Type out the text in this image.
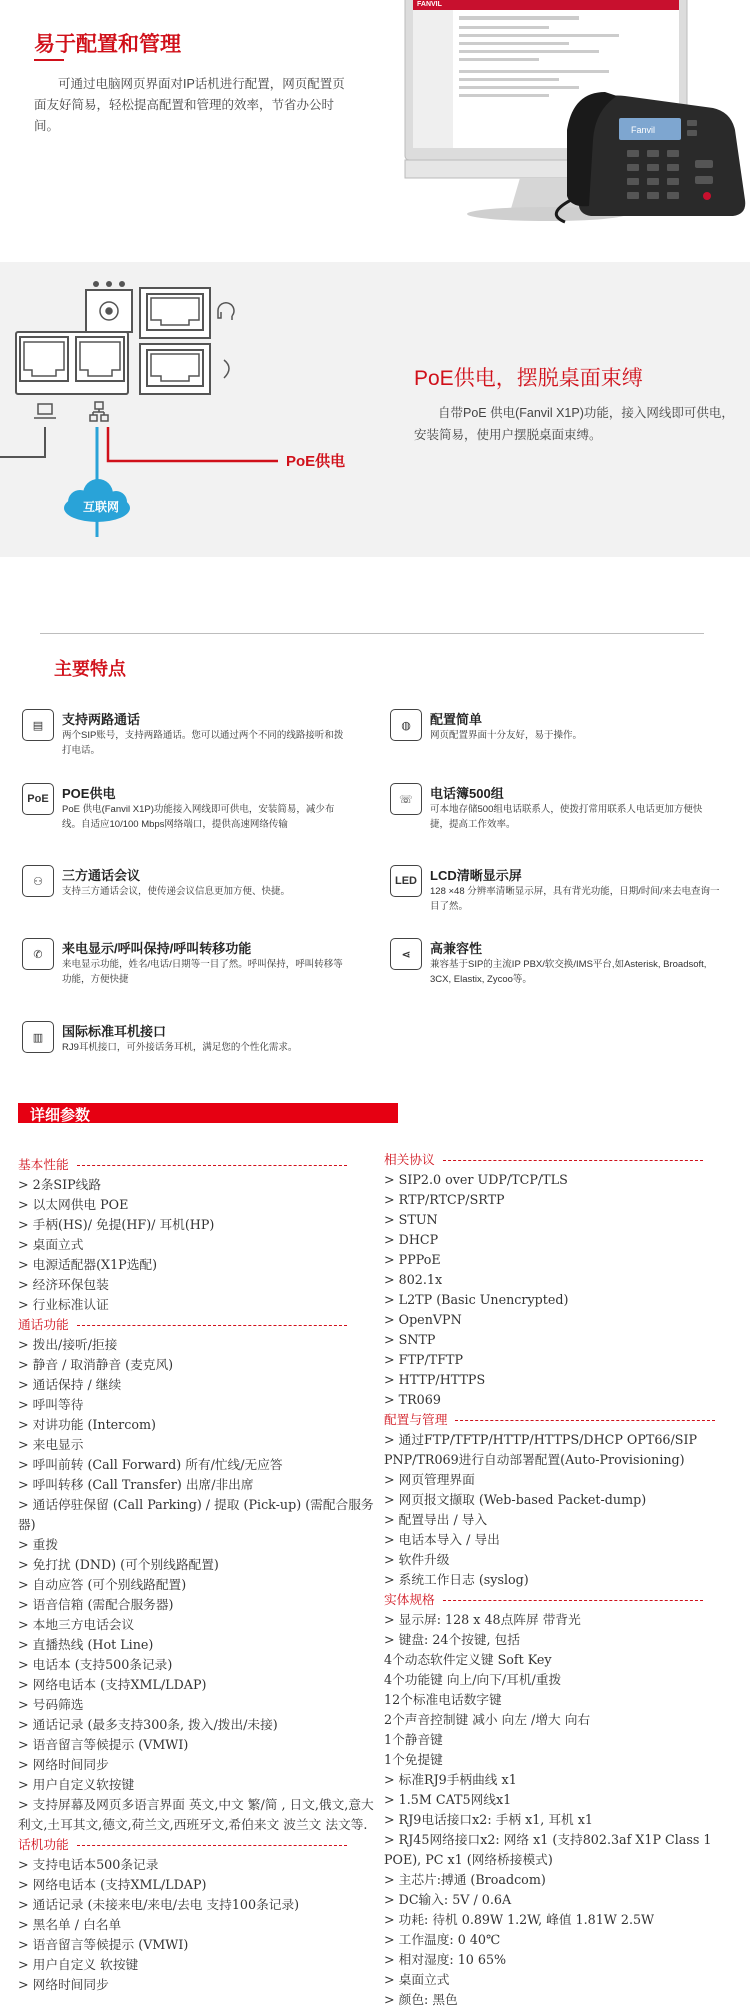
易于配置和管理
可通过电脑网页界面对IP话机进行配置，网页配置页面友好简易，轻松提高配置和管理的效率，节省办公时间。
FANVIL
Fanvil
互联网
PoE供电
PoE供电，摆脱桌面束缚
自带PoE 供电(Fanvil X1P)功能，接入网线即可供电，安装简易，使用户摆脱桌面束缚。
主要特点
▤	支持两路通话
两个SIP账号，支持两路通话。您可以通过两个不同的线路接听和拨打电话。
◍	配置简单
网页配置界面十分友好，易于操作。
PoE	POE供电
PoE 供电(Fanvil X1P)功能接入网线即可供电，安装简易，减少布线。自适应10/100 Mbps网络端口，提供高速网络传输
☏	电话簿500组
可本地存储500组电话联系人，使拨打常用联系人电话更加方便快捷，提高工作效率。
⚇	三方通话会议
支持三方通话会议，使传递会议信息更加方便、快捷。
LED	LCD清晰显示屏
128 ×48 分辨率清晰显示屏，具有背光功能，日期/时间/来去电查询一目了然。
✆	来电显示/呼叫保持/呼叫转移功能
来电显示功能，姓名/电话/日期等一目了然。呼叫保持，呼叫转移等功能，方便快捷
⋖	高兼容性
兼容基于SIP的主流IP PBX/软交换/IMS平台,如Asterisk, Broadsoft, 3CX, Elastix, Zycoo等。
▥	国际标准耳机接口
RJ9耳机接口，可外接话务耳机，满足您的个性化需求。
详细参数
基本性能
> 2条SIP线路
> 以太网供电 POE
> 手柄(HS)/ 免提(HF)/ 耳机(HP)
> 桌面立式
> 电源适配器(X1P选配)
> 经济环保包装
> 行业标准认证
通话功能
> 拨出/接听/拒接
> 静音 / 取消静音 (麦克风)
> 通话保持 / 继续
> 呼叫等待
> 对讲功能 (Intercom)
> 来电显示
> 呼叫前转 (Call Forward) 所有/忙线/无应答
> 呼叫转移 (Call Transfer) 出席/非出席
> 通话停驻保留 (Call Parking) / 提取 (Pick-up) (需配合服务器)
> 重拨
> 免打扰 (DND) (可个别线路配置)
> 自动应答 (可个别线路配置)
> 语音信箱 (需配合服务器)
> 本地三方电话会议
> 直播热线 (Hot Line)
> 电话本 (支持500条记录)
> 网络电话本 (支持XML/LDAP)
> 号码筛选
> 通话记录 (最多支持300条, 拨入/拨出/未接)
> 语音留言等候提示 (VMWI)
> 网络时间同步
> 用户自定义软按键
> 支持屏幕及网页多语言界面 英文,中文 繁/简 , 日文,俄文,意大利文,土耳其文,德文,荷兰文,西班牙文,希伯来文 波兰文 法文等.
话机功能
> 支持电话本500条记录
> 网络电话本 (支持XML/LDAP)
> 通话记录 (未接来电/来电/去电 支持100条记录)
> 黑名单 / 白名单
> 语音留言等候提示 (VMWI)
> 用户自定义 软按键
> 网络时间同步
相关协议
> SIP2.0 over UDP/TCP/TLS
> RTP/RTCP/SRTP
> STUN
> DHCP
> PPPoE
> 802.1x
> L2TP (Basic Unencrypted)
> OpenVPN
> SNTP
> FTP/TFTP
> HTTP/HTTPS
> TR069
配置与管理
> 通过FTP/TFTP/HTTP/HTTPS/DHCP OPT66/SIP PNP/TR069进行自动部署配置(Auto-Provisioning)
> 网页管理界面
> 网页报文撷取 (Web-based Packet-dump)
> 配置导出 / 导入
> 电话本导入 / 导出
> 软件升级
> 系统工作日志 (syslog)
实体规格
> 显示屏: 128 x 48点阵屏 带背光
> 键盘: 24个按键, 包括
4个动态软件定义键 Soft Key
4个功能键 向上/向下/耳机/重拨
12个标准电话数字键
2个声音控制键 减小 向左 /增大 向右
1个静音键
1个免提键
> 标准RJ9手柄曲线 x1
> 1.5M CAT5网线x1
> RJ9电话接口x2: 手柄 x1, 耳机 x1
> RJ45网络接口x2: 网络 x1 (支持802.3af X1P Class 1 POE), PC x1 (网络桥接模式)
> 主芯片:搏通 (Broadcom)
> DC输入: 5V / 0.6A
> 功耗: 待机 0.89W 1.2W, 峰值 1.81W 2.5W
> 工作温度: 0 40℃
> 相对湿度: 10 65%
> 桌面立式
> 颜色: 黑色
